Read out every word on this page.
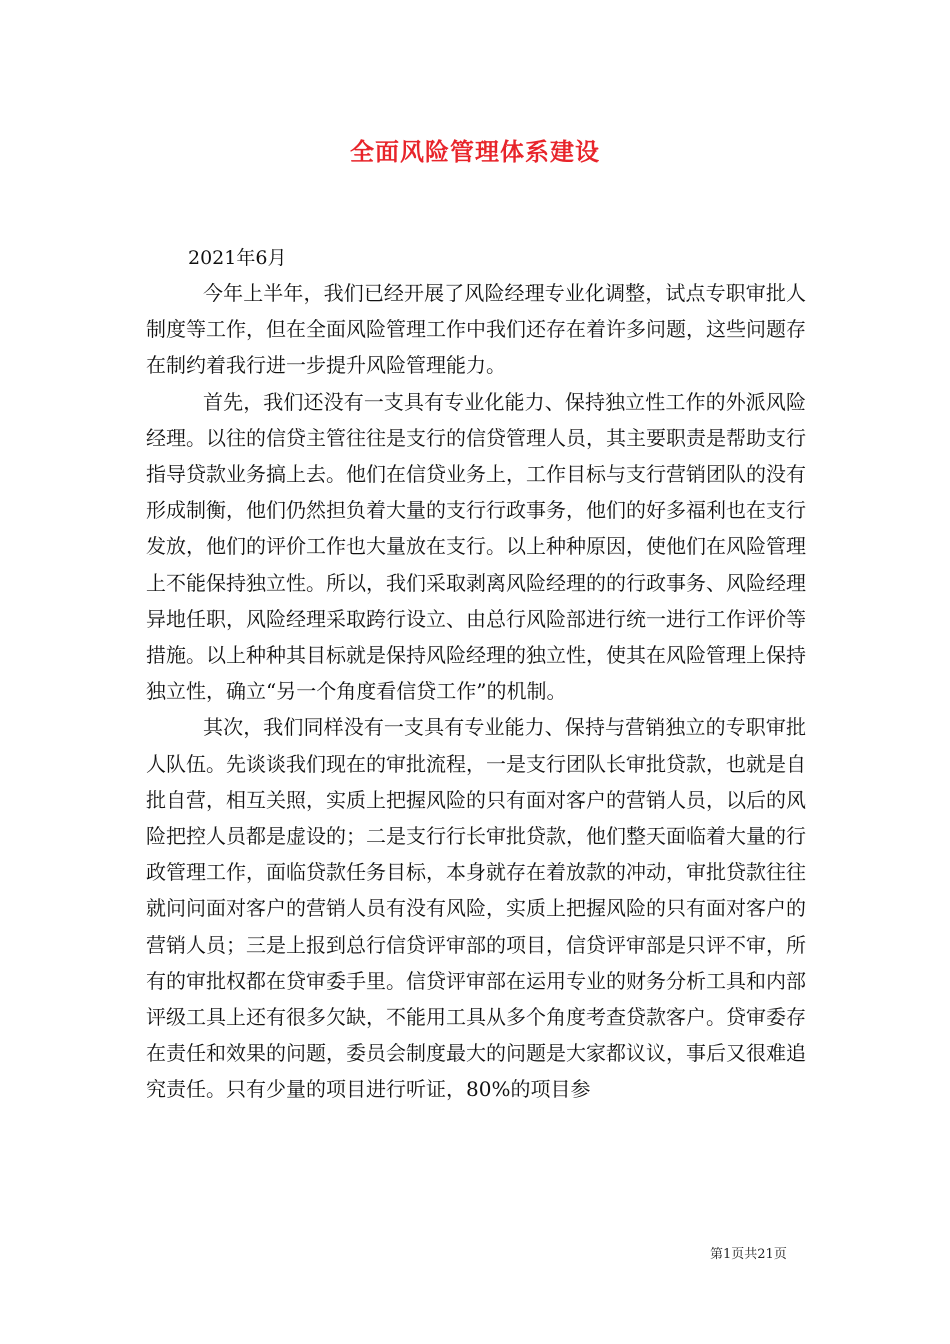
全面风险管理体系建设
2021年6月

今年上半年，我们已经开展了风险经理专业化调整，试点专职审批人制度等工作，但在全面风险管理工作中我们还存在着许多问题，这些问题存在制约着我行进一步提升风险管理能力。

首先，我们还没有一支具有专业化能力、保持独立性工作的外派风险经理。以往的信贷主管往往是支行的信贷管理人员，其主要职责是帮助支行指导贷款业务搞上去。他们在信贷业务上，工作目标与支行营销团队的没有形成制衡，他们仍然担负着大量的支行行政事务，他们的好多福利也在支行发放，他们的评价工作也大量放在支行。以上种种原因，使他们在风险管理上不能保持独立性。所以，我们采取剥离风险经理的的行政事务、风险经理异地任职，风险经理采取跨行设立、由总行风险部进行统一进行工作评价等措施。以上种种其目标就是保持风险经理的独立性，使其在风险管理上保持独立性，确立“另一个角度看信贷工作”的机制。

其次，我们同样没有一支具有专业能力、保持与营销独立的专职审批人队伍。先谈谈我们现在的审批流程，一是支行团队长审批贷款，也就是自批自营，相互关照，实质上把握风险的只有面对客户的营销人员，以后的风险把控人员都是虚设的；二是支行行长审批贷款，他们整天面临着大量的行政管理工作，面临贷款任务目标，本身就存在着放款的冲动，审批贷款往往就问问面对客户的营销人员有没有风险，实质上把握风险的只有面对客户的营销人员；三是上报到总行信贷评审部的项目，信贷评审部是只评不审，所有的审批权都在贷审委手里。信贷评审部在运用专业的财务分析工具和内部评级工具上还有很多欠缺，不能用工具从多个角度考查贷款客户。贷审委存在责任和效果的问题，委员会制度最大的问题是大家都议议，事后又很难追究责任。只有少量的项目进行听证，80%的项目参

第1页共21页
